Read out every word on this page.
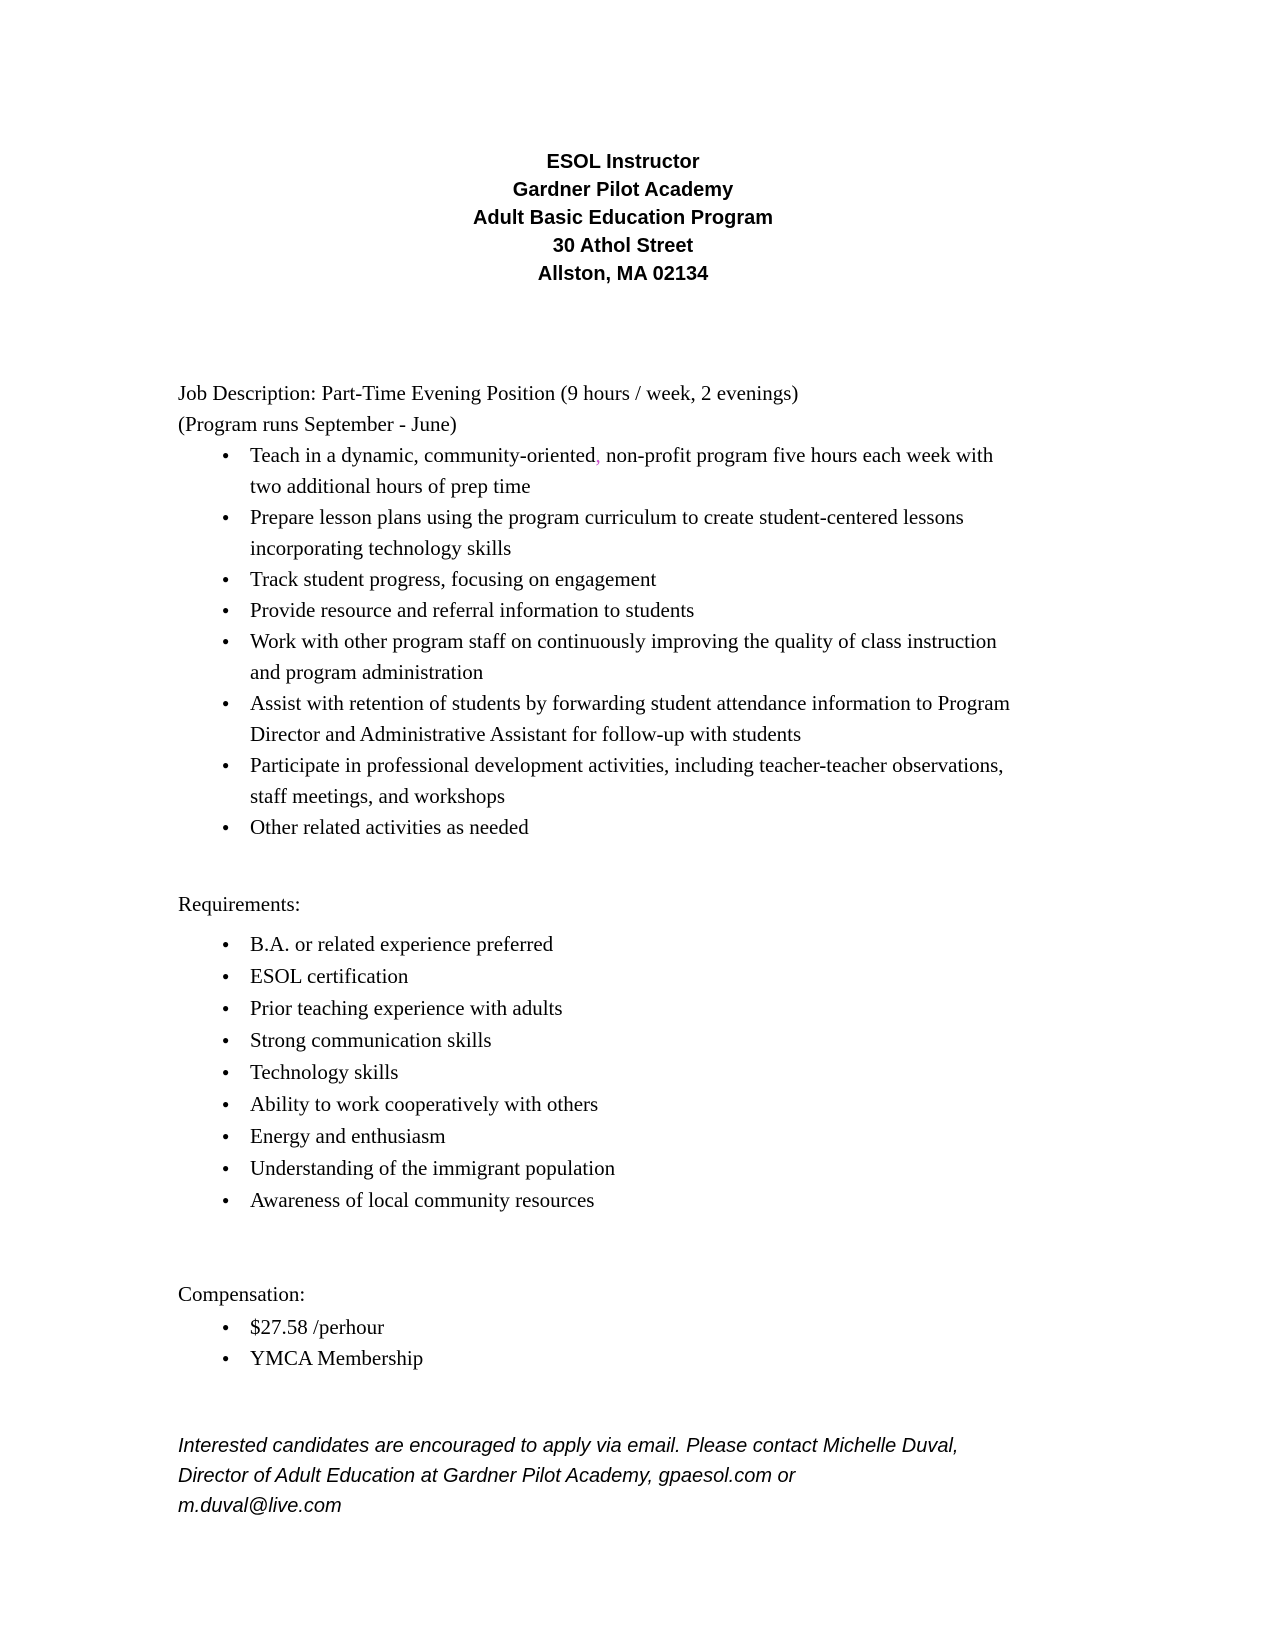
ESOL Instructor
Gardner Pilot Academy
Adult Basic Education Program
30 Athol Street
Allston, MA 02134
Job Description: Part-Time Evening Position (9 hours / week, 2 evenings)
(Program runs September - June)
● Teach in a dynamic, community-oriented, non-profit program five hours each week with two additional hours of prep time
● Prepare lesson plans using the program curriculum to create student-centered lessons incorporating technology skills
● Track student progress, focusing on engagement
● Provide resource and referral information to students
● Work with other program staff on continuously improving the quality of class instruction and program administration
● Assist with retention of students by forwarding student attendance information to Program Director and Administrative Assistant for follow-up with students
● Participate in professional development activities, including teacher-teacher observations, staff meetings, and workshops
● Other related activities as needed
Requirements:
● B.A. or related experience preferred
● ESOL certification
● Prior teaching experience with adults
● Strong communication skills
● Technology skills
● Ability to work cooperatively with others
● Energy and enthusiasm
● Understanding of the immigrant population
● Awareness of local community resources
Compensation:
● $27.58 /perhour
● YMCA Membership
Interested candidates are encouraged to apply via email. Please contact Michelle Duval,
Director of Adult Education at Gardner Pilot Academy, gpaesol.com or
m.duval@live.com
